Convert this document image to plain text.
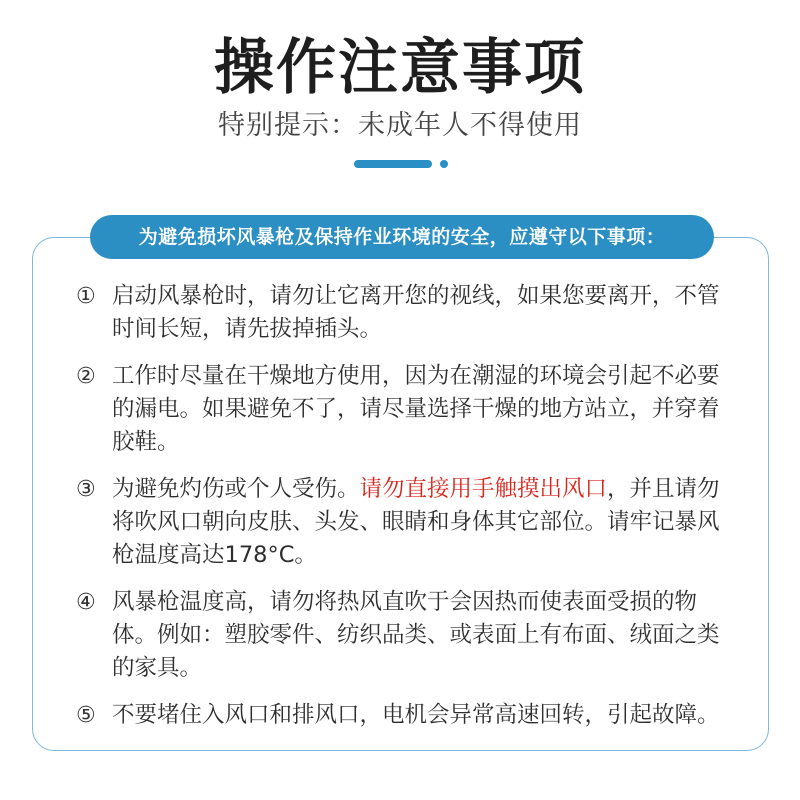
操作注意事项
特别提示：未成年人不得使用
为避免损坏风暴枪及保持作业环境的安全，应遵守以下事项：
① 启动风暴枪时，请勿让它离开您的视线，如果您要离开，不管时间长短，请先拔掉插头。
② 工作时尽量在干燥地方使用，因为在潮湿的环境会引起不必要的漏电。如果避免不了，请尽量选择干燥的地方站立，并穿着胶鞋。
③ 为避免灼伤或个人受伤。请勿直接用手触摸出风口，并且请勿将吹风口朝向皮肤、头发、眼睛和身体其它部位。请牢记暴风枪温度高达178°C。
④ 风暴枪温度高，请勿将热风直吹于会因热而使表面受损的物体。例如：塑胶零件、纺织品类、或表面上有布面、绒面之类的家具。
⑤ 不要堵住入风口和排风口，电机会异常高速回转，引起故障。
